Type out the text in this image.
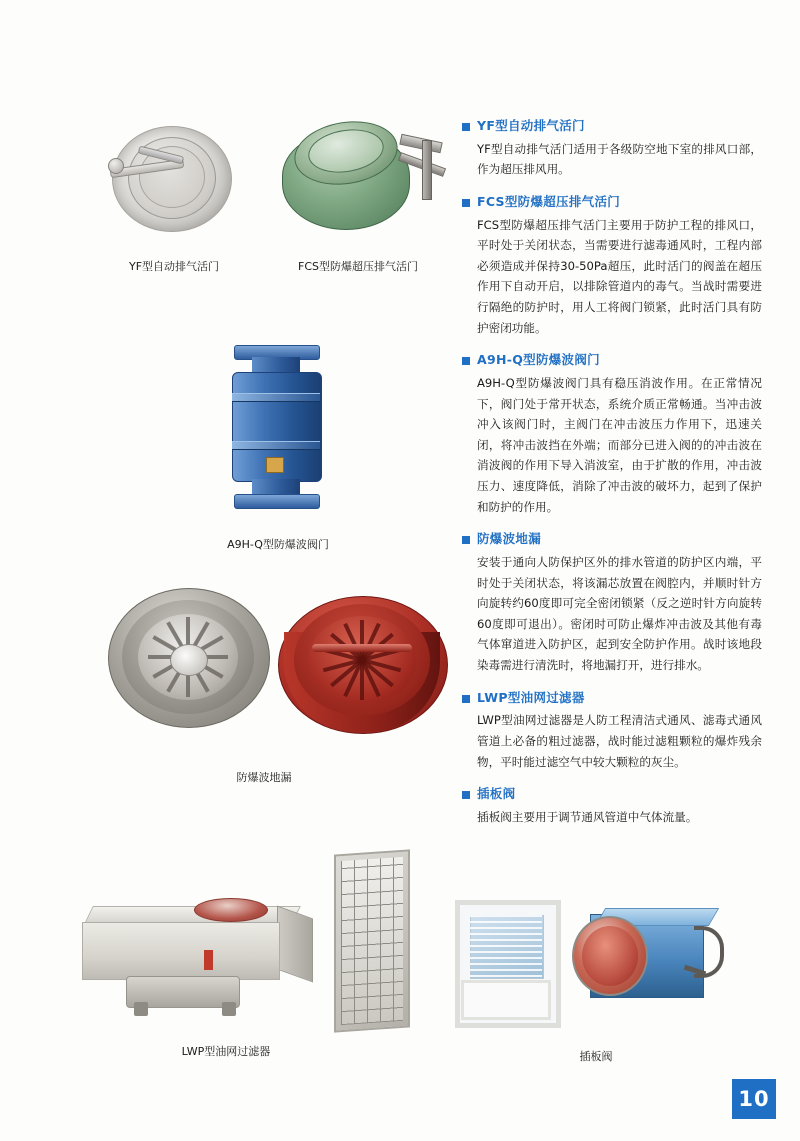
YF型自动排气活门	FCS型防爆超压排气活门
A9H-Q型防爆波阀门
防爆波地漏
LWP型油网过滤器	插板阀
YF型自动排气活门
YF型自动排气活门适用于各级防空地下室的排风口部，作为超压排风用。
FCS型防爆超压排气活门
FCS型防爆超压排气活门主要用于防护工程的排风口，平时处于关闭状态，当需要进行滤毒通风时，工程内部必须造成并保持30-50Pa超压，此时活门的阀盖在超压作用下自动开启，以排除管道内的毒气。当战时需要进行隔绝的防护时，用人工将阀门锁紧，此时活门具有防护密闭功能。
A9H-Q型防爆波阀门
A9H-Q型防爆波阀门具有稳压消波作用。在正常情况下，阀门处于常开状态，系统介质正常畅通。当冲击波冲入该阀门时，主阀门在冲击波压力作用下，迅速关闭，将冲击波挡在外端；而部分已进入阀的的冲击波在消波阀的作用下导入消波室，由于扩散的作用，冲击波压力、速度降低，消除了冲击波的破坏力，起到了保护和防护的作用。
防爆波地漏
安装于通向人防保护区外的排水管道的防护区内端，平时处于关闭状态，将该漏芯放置在阀腔内，并顺时针方向旋转约60度即可完全密闭锁紧（反之逆时针方向旋转60度即可退出）。密闭时可防止爆炸冲击波及其他有毒气体窜道进入防护区，起到安全防护作用。战时该地段染毒需进行清洗时，将地漏打开，进行排水。
LWP型油网过滤器
LWP型油网过滤器是人防工程清洁式通风、滤毒式通风管道上必备的粗过滤器，战时能过滤粗颗粒的爆炸残余物，平时能过滤空气中较大颗粒的灰尘。
插板阀
插板阀主要用于调节通风管道中气体流量。
10
